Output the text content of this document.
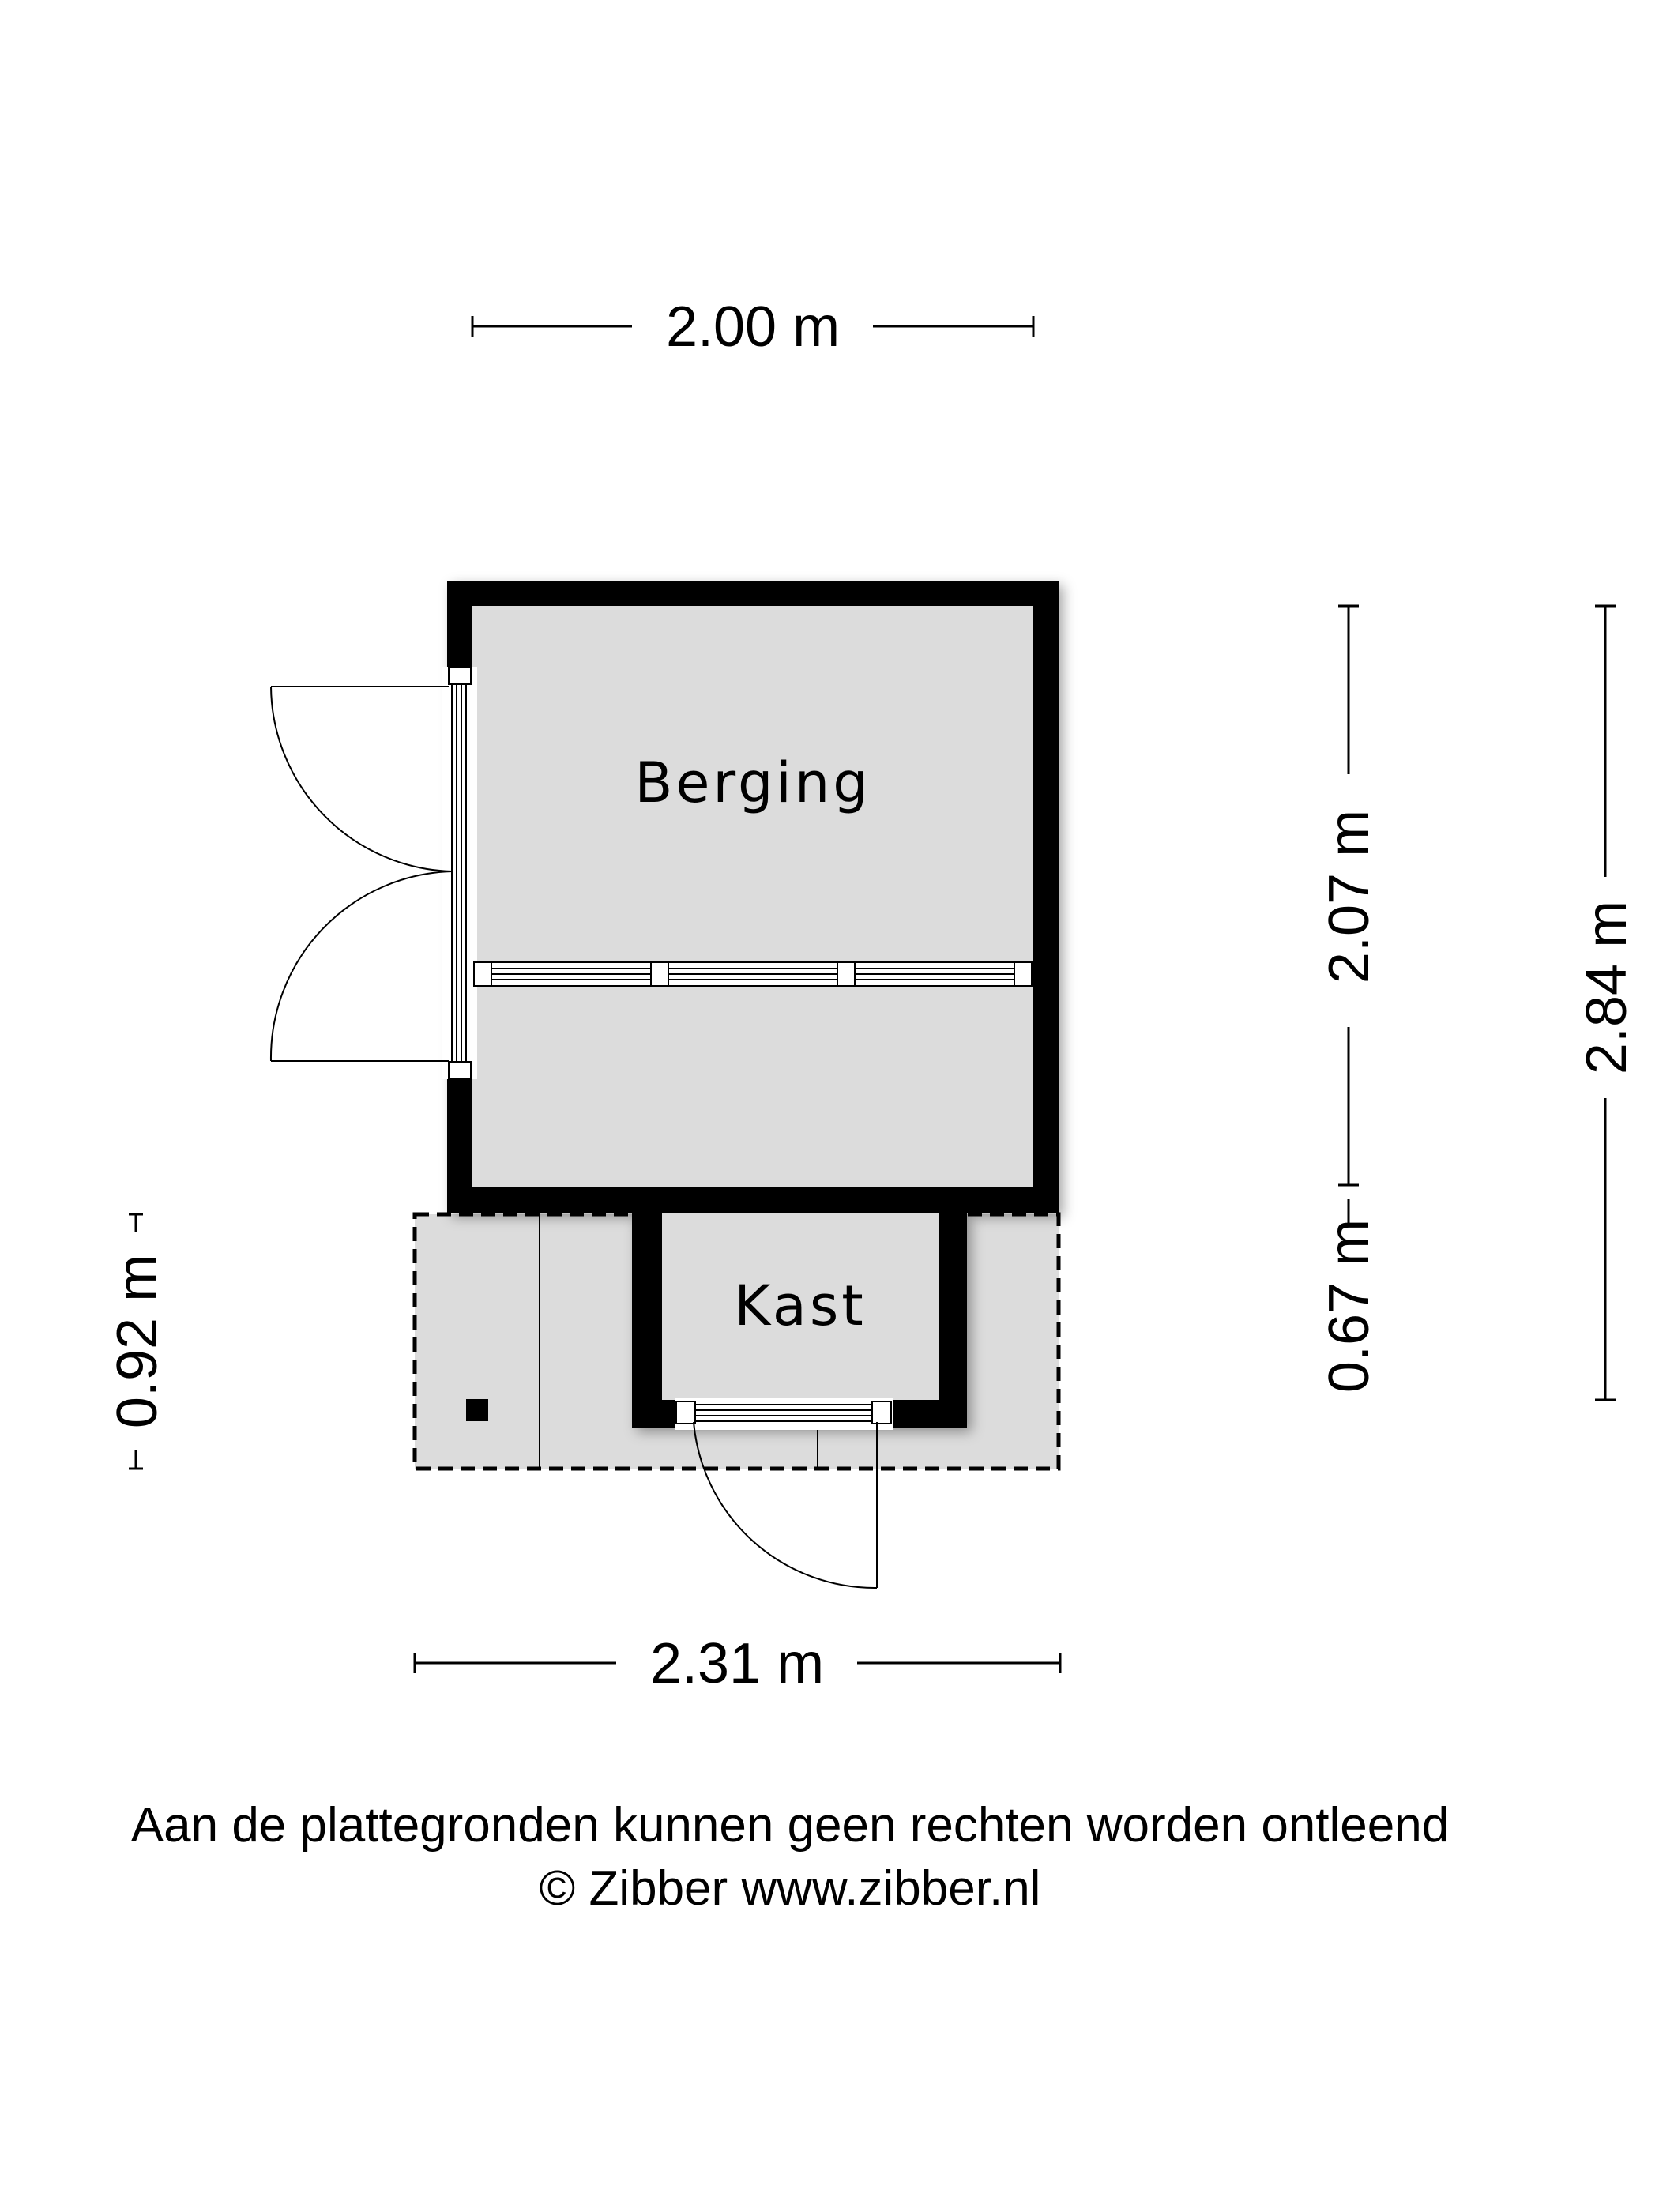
Berging
Kast
2.00 m
2.31 m
2.07 m
0.67 m
2.84 m
0.92 m
Aan de plattegronden kunnen geen rechten worden ontleend
© Zibber www.zibber.nl
